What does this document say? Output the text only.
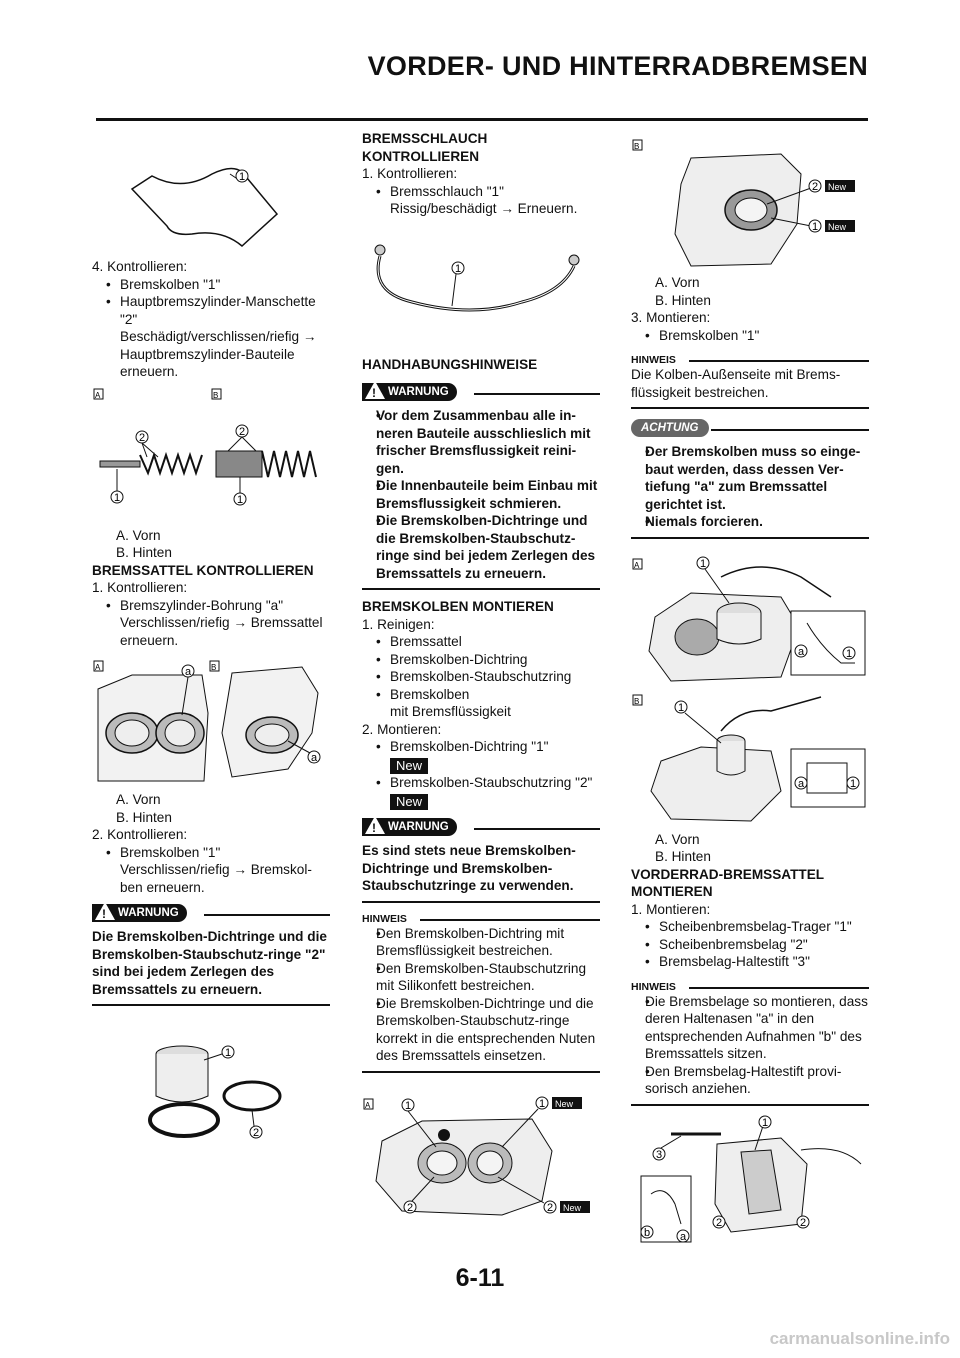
VORDER- UND HINTERRADBREMSEN
1

4. Kontrollieren:

• Bremskolben "1"

• Hauptbremszylinder-Manschette

"2"

Beschädigt/verschlissen/riefig →

Hauptbremszylinder-Bauteile

erneuern.

A	B
2	2
1	1

A. Vorn

B. Hinten

BREMSSATTEL KONTROLLIEREN

1. Kontrollieren:

• Bremszylinder-Bohrung "a"

Verschlissen/riefig → Bremssattel

erneuern.

A	B
a
a

A. Vorn

B. Hinten

2. Kontrollieren:

• Bremskolben "1"

Verschlissen/riefig → Bremskol-

ben erneuern.

WARNUNG
!

Die Bremskolben-Dichtringe und die Bremskolben-Staubschutz-ringe "2" sind bei jedem Zerlegen des Bremssattels zu erneuern.

1
2

BREMSSCHLAUCH

KONTROLLIEREN

1. Kontrollieren:

• Bremsschlauch "1"

Rissig/beschädigt → Erneuern.

1

HANDHABUNGSHINWEISE

WARNUNG
!

• Vor dem Zusammenbau alle in-neren Bauteile ausschlieslich mit frischer Bremsflussigkeit reini-gen.

• Die Innenbauteile beim Einbau mit Bremsflussigkeit schmieren.

• Die Bremskolben-Dichtringe und die Bremskolben-Staubschutz-ringe sind bei jedem Zerlegen des Bremssattels zu erneuern.

BREMSKOLBEN MONTIEREN

1. Reinigen:

• Bremssattel

• Bremskolben-Dichtring

• Bremskolben-Staubschutzring

• Bremskolben

mit Bremsflüssigkeit

2. Montieren:

• Bremskolben-Dichtring "1"

New

• Bremskolben-Staubschutzring "2"

New
WARNUNG
!

Es sind stets neue Bremskolben-Dichtringe und Bremskolben-Staubschutzringe zu verwenden.

HINWEIS

• Den Bremskolben-Dichtring mit Bremsflüssigkeit bestreichen.

• Den Bremskolben-Staubschutzring mit Silikonfett bestreichen.

• Die Bremskolben-Dichtringe und die Bremskolben-Staubschutz-ringe korrekt in die entsprechenden Nuten des Bremssattels einsetzen.

A	1	1 New
2	2 New
B
2 New
1 New

A. Vorn

B. Hinten

3. Montieren:

• Bremskolben "1"

HINWEIS

Die Kolben-Außenseite mit Brems-flüssigkeit bestreichen.

ACHTUNG

• Der Bremskolben muss so einge-baut werden, dass dessen Ver-tiefung "a" zum Bremssattel gerichtet ist.

• Niemals forcieren.

A	1
a	1
B
1
a	1

A. Vorn

B. Hinten

VORDERRAD-BREMSSATTEL

MONTIEREN

1. Montieren:

• Scheibenbremsbelag-Trager "1"

• Scheibenbremsbelag "2"

• Bremsbelag-Haltestift "3"

HINWEIS

• Die Bremsbelage so montieren, dass deren Haltenasen "a" in den entsprechenden Aufnahmen "b" des Bremssattels sitzen.

• Den Bremsbelag-Haltestift provi-sorisch anziehen.

3
1
b	a
2	2
6-11
carmanualsonline.info
